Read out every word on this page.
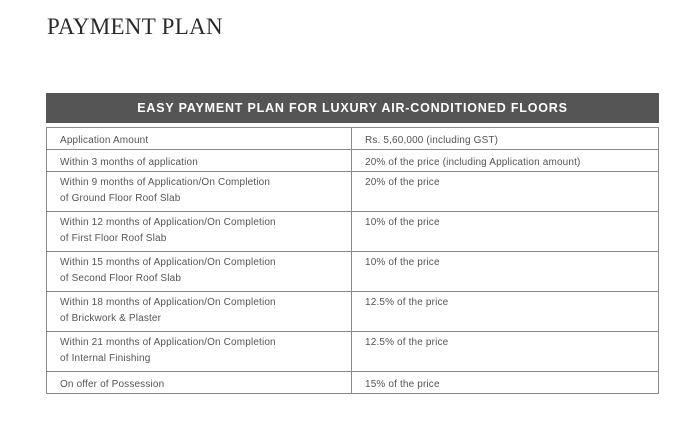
PAYMENT PLAN
EASY PAYMENT PLAN FOR LUXURY AIR-CONDITIONED FLOORS	

Application Amount	Rs. 5,60,000 (including GST)

Within 3 months of application	20% of the price (including Application amount)

Within 9 months of Application/On Completion
of Ground Floor Roof Slab	20% of the price

Within 12 months of Application/On Completion
of First Floor Roof Slab	10% of the price

Within 15 months of Application/On Completion
of Second Floor Roof Slab	10% of the price

Within 18 months of Application/On Completion
of Brickwork & Plaster	12.5% of the price

Within 21 months of Application/On Completion
of Internal Finishing	12.5% of the price

On offer of Possession	15% of the price
